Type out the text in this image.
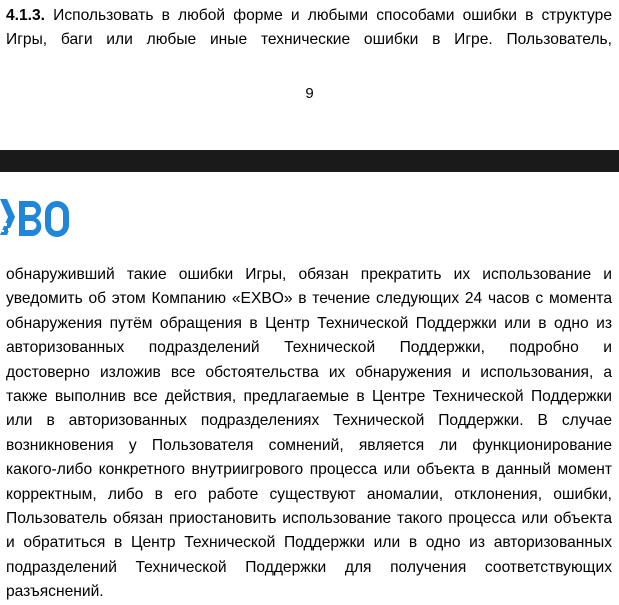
4.1.3. Использовать в любой форме и любыми способами ошибки в структуре
Игры, баги или любые иные технические ошибки в Игре. Пользователь,
9
обнаруживший такие ошибки Игры, обязан прекратить их использование и
уведомить об этом Компанию «EXBO» в течение следующих 24 часов с момента
обнаружения путём обращения в Центр Технической Поддержки или в одно из
авторизованных подразделений Технической Поддержки, подробно и
достоверно изложив все обстоятельства их обнаружения и использования, а
также выполнив все действия, предлагаемые в Центре Технической Поддержки
или в авторизованных подразделениях Технической Поддержки. В случае
возникновения у Пользователя сомнений, является ли функционирование
какого-либо конкретного внутриигрового процесса или объекта в данный момент
корректным, либо в его работе существуют аномалии, отклонения, ошибки,
Пользователь обязан приостановить использование такого процесса или объекта
и обратиться в Центр Технической Поддержки или в одно из авторизованных
подразделений Технической Поддержки для получения соответствующих
разъяснений.
